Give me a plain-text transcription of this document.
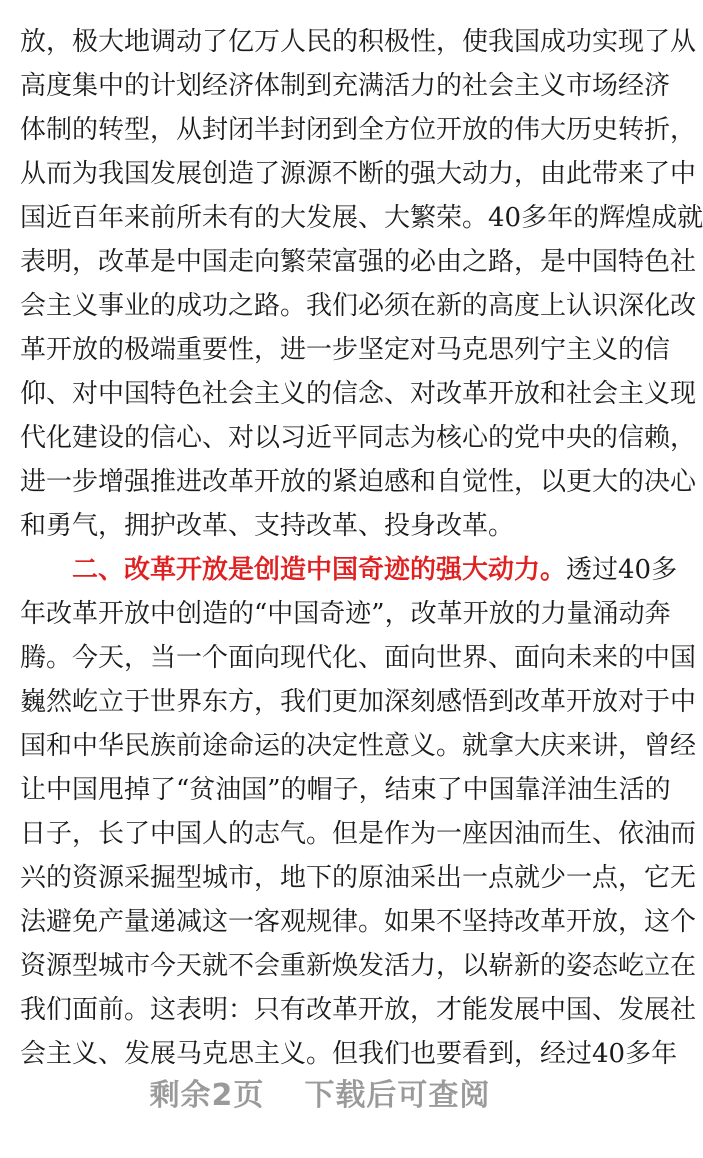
放，极大地调动了亿万人民的积极性，使我国成功实现了从
高度集中的计划经济体制到充满活力的社会主义市场经济
体制的转型，从封闭半封闭到全方位开放的伟大历史转折，
从而为我国发展创造了源源不断的强大动力，由此带来了中
国近百年来前所未有的大发展、大繁荣。40多年的辉煌成就
表明，改革是中国走向繁荣富强的必由之路，是中国特色社
会主义事业的成功之路。我们必须在新的高度上认识深化改
革开放的极端重要性，进一步坚定对马克思列宁主义的信
仰、对中国特色社会主义的信念、对改革开放和社会主义现
代化建设的信心、对以习近平同志为核心的党中央的信赖，
进一步增强推进改革开放的紧迫感和自觉性，以更大的决心
和勇气，拥护改革、支持改革、投身改革。
二、改革开放是创造中国奇迹的强大动力。透过40多
年改革开放中创造的“中国奇迹”，改革开放的力量涌动奔
腾。今天，当一个面向现代化、面向世界、面向未来的中国
巍然屹立于世界东方，我们更加深刻感悟到改革开放对于中
国和中华民族前途命运的决定性意义。就拿大庆来讲，曾经
让中国甩掉了“贫油国”的帽子，结束了中国靠洋油生活的
日子，长了中国人的志气。但是作为一座因油而生、依油而
兴的资源采掘型城市，地下的原油采出一点就少一点，它无
法避免产量递减这一客观规律。如果不坚持改革开放，这个
资源型城市今天就不会重新焕发活力，以崭新的姿态屹立在
我们面前。这表明：只有改革开放，才能发展中国、发展社
会主义、发展马克思主义。但我们也要看到，经过40多年
剩余2页 下载后可查阅
